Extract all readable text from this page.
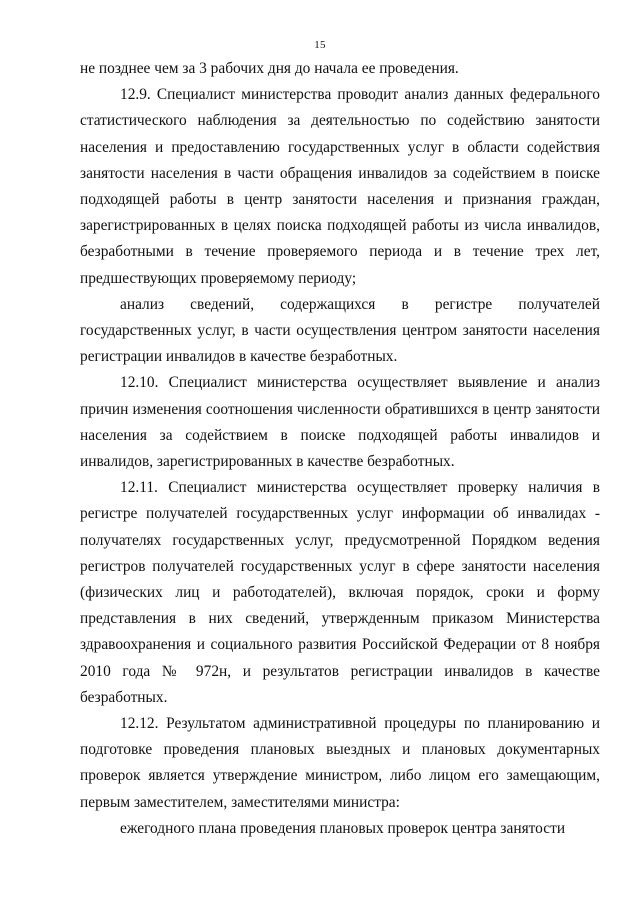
15

не позднее чем за 3 рабочих дня до начала ее проведения.

12.9. Специалист министерства проводит анализ данных федерального статистического наблюдения за деятельностью по содействию занятости населения и предоставлению государственных услуг в области содействия занятости населения в части обращения инвалидов за содействием в поиске подходящей работы в центр занятости населения и признания граждан, зарегистрированных в целях поиска подходящей работы из числа инвалидов, безработными в течение проверяемого периода и в течение трех лет, предшествующих проверяемому периоду;

анализ сведений, содержащихся в регистре получателей государственных услуг, в части осуществления центром занятости населения регистрации инвалидов в качестве безработных.

12.10. Специалист министерства осуществляет выявление и анализ причин изменения соотношения численности обратившихся в центр занятости населения за содействием в поиске подходящей работы инвалидов и инвалидов, зарегистрированных в качестве безработных.

12.11. Специалист министерства осуществляет проверку наличия в регистре получателей государственных услуг информации об инвалидах - получателях государственных услуг, предусмотренной Порядком ведения регистров получателей государственных услуг в сфере занятости населения (физических лиц и работодателей), включая порядок, сроки и форму представления в них сведений, утвержденным приказом Министерства здравоохранения и социального развития Российской Федерации от 8 ноября 2010 года № 972н, и результатов регистрации инвалидов в качестве безработных.

12.12. Результатом административной процедуры по планированию и подготовке проведения плановых выездных и плановых документарных проверок является утверждение министром, либо лицом его замещающим, первым заместителем, заместителями министра:

ежегодного плана проведения плановых проверок центра занятости
